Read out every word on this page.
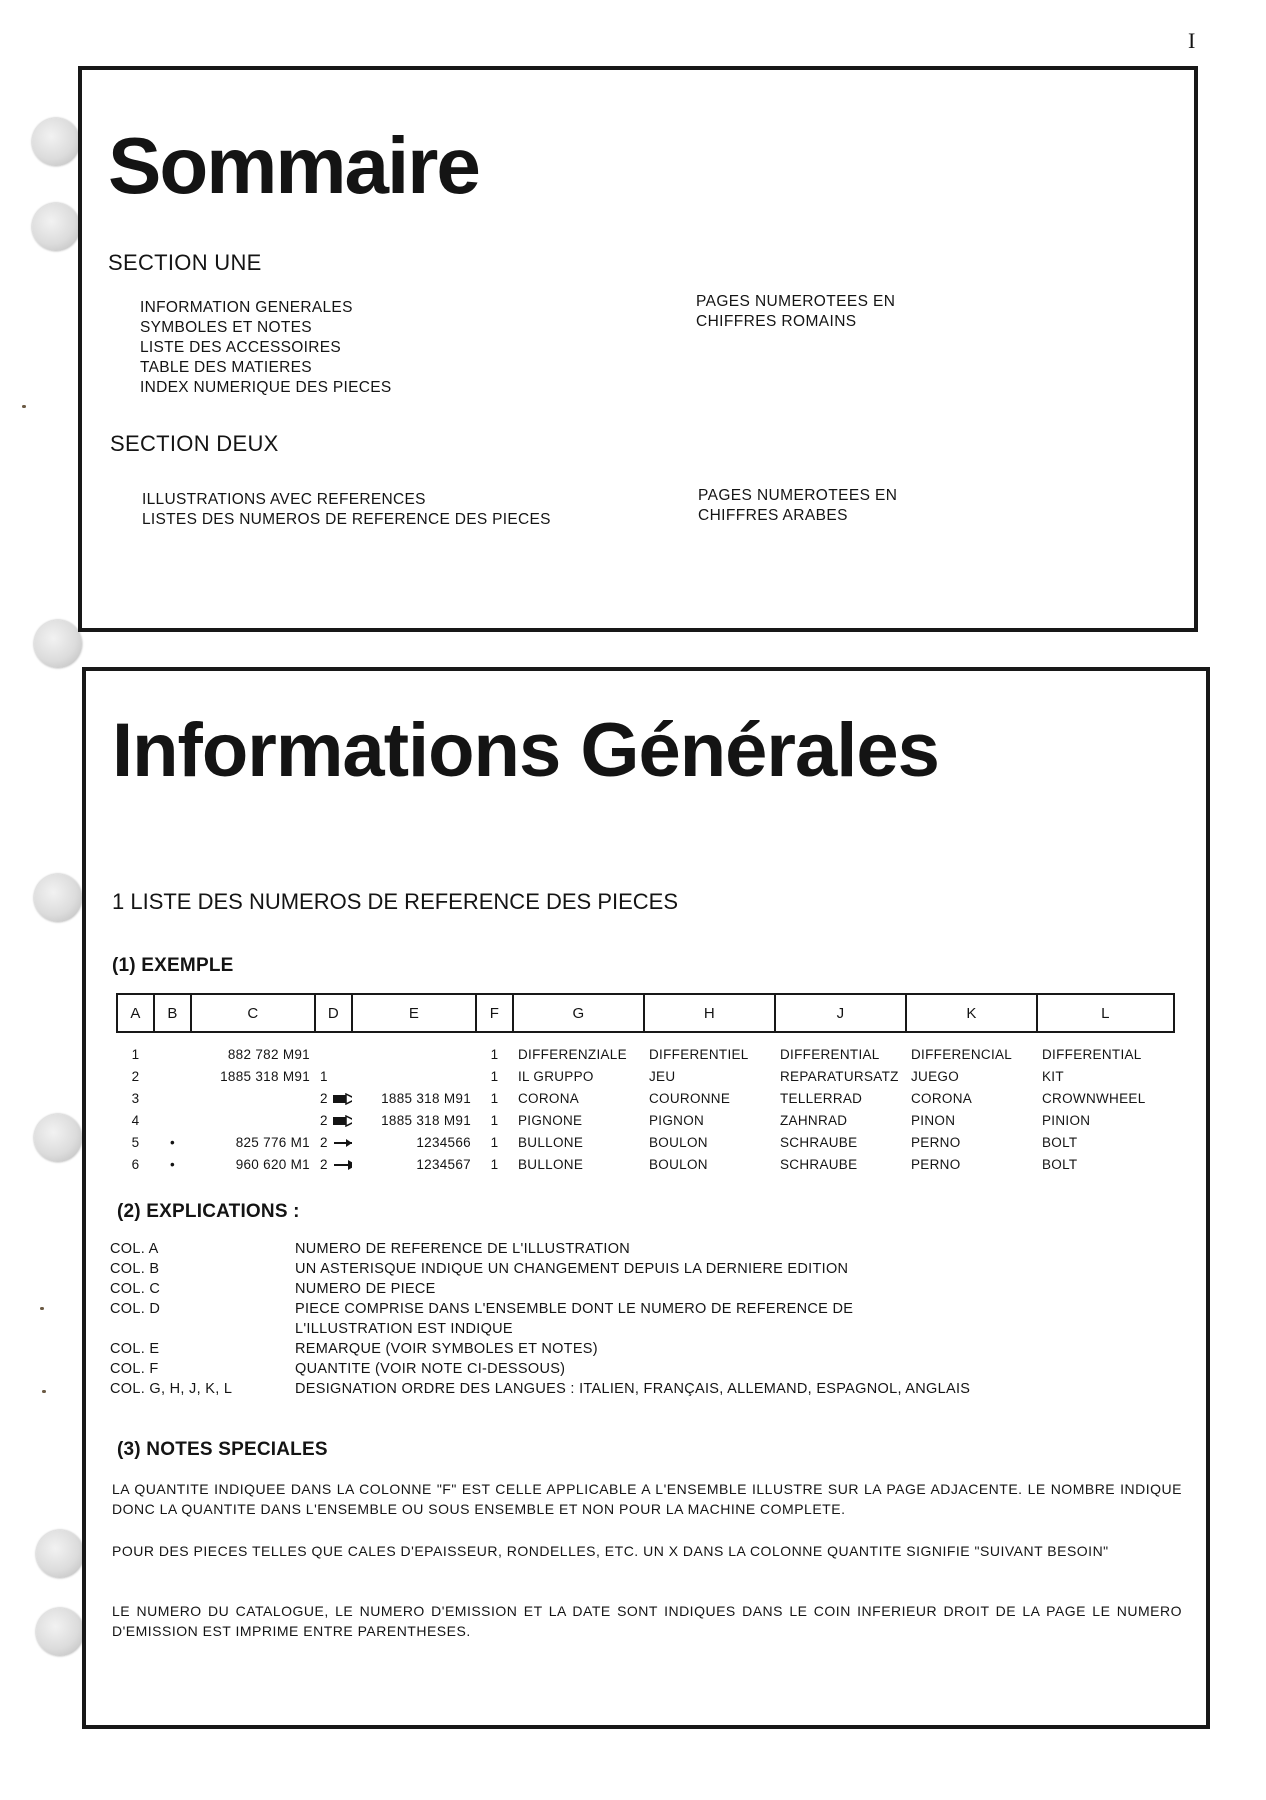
I
Sommaire
SECTION UNE
INFORMATION GENERALES
SYMBOLES ET NOTES
LISTE DES ACCESSOIRES
TABLE DES MATIERES
INDEX NUMERIQUE DES PIECES
PAGES NUMEROTEES EN
CHIFFRES ROMAINS
SECTION DEUX
ILLUSTRATIONS AVEC REFERENCES
LISTES DES NUMEROS DE REFERENCE DES PIECES
PAGES NUMEROTEES EN
CHIFFRES ARABES
Informations Générales
1 LISTE DES NUMEROS DE REFERENCE DES PIECES
(1) EXEMPLE
A	B	C	D	E	F	G	H	J	K	L
1		882 782 M91			1	DIFFERENZIALE	DIFFERENTIEL	DIFFERENTIAL	DIFFERENCIAL	DIFFERENTIAL
2		1885 318 M91	1		1	IL GRUPPO	JEU	REPARATURSATZ	JUEGO	KIT
3			2	1885 318 M91	1	CORONA	COURONNE	TELLERRAD	CORONA	CROWNWHEEL
4			2	1885 318 M91	1	PIGNONE	PIGNON	ZAHNRAD	PINON	PINION
5	•	825 776 M1	2	1234566	1	BULLONE	BOULON	SCHRAUBE	PERNO	BOLT
6	•	960 620 M1	2	1234567	1	BULLONE	BOULON	SCHRAUBE	PERNO	BOLT
(2) EXPLICATIONS :
COL. A	NUMERO DE REFERENCE DE L'ILLUSTRATION
COL. B	UN ASTERISQUE INDIQUE UN CHANGEMENT DEPUIS LA DERNIERE EDITION
COL. C	NUMERO DE PIECE
COL. D	PIECE COMPRISE DANS L'ENSEMBLE DONT LE NUMERO DE REFERENCE DE
	L'ILLUSTRATION EST INDIQUE
COL. E	REMARQUE (VOIR SYMBOLES ET NOTES)
COL. F	QUANTITE (VOIR NOTE CI-DESSOUS)
COL. G, H, J, K, L	DESIGNATION ORDRE DES LANGUES : ITALIEN, FRANÇAIS, ALLEMAND, ESPAGNOL, ANGLAIS
(3) NOTES SPECIALES

LA QUANTITE INDIQUEE DANS LA COLONNE "F" EST CELLE APPLICABLE A L'ENSEMBLE ILLUSTRE SUR LA PAGE ADJACENTE. LE NOMBRE INDIQUE DONC LA QUANTITE DANS L'ENSEMBLE OU SOUS ENSEMBLE ET NON POUR LA MACHINE COMPLETE.

POUR DES PIECES TELLES QUE CALES D'EPAISSEUR, RONDELLES, ETC. UN X DANS LA COLONNE QUANTITE SIGNIFIE "SUIVANT BESOIN"

LE NUMERO DU CATALOGUE, LE NUMERO D'EMISSION ET LA DATE SONT INDIQUES DANS LE COIN INFERIEUR DROIT DE LA PAGE LE NUMERO D'EMISSION EST IMPRIME ENTRE PARENTHESES.
